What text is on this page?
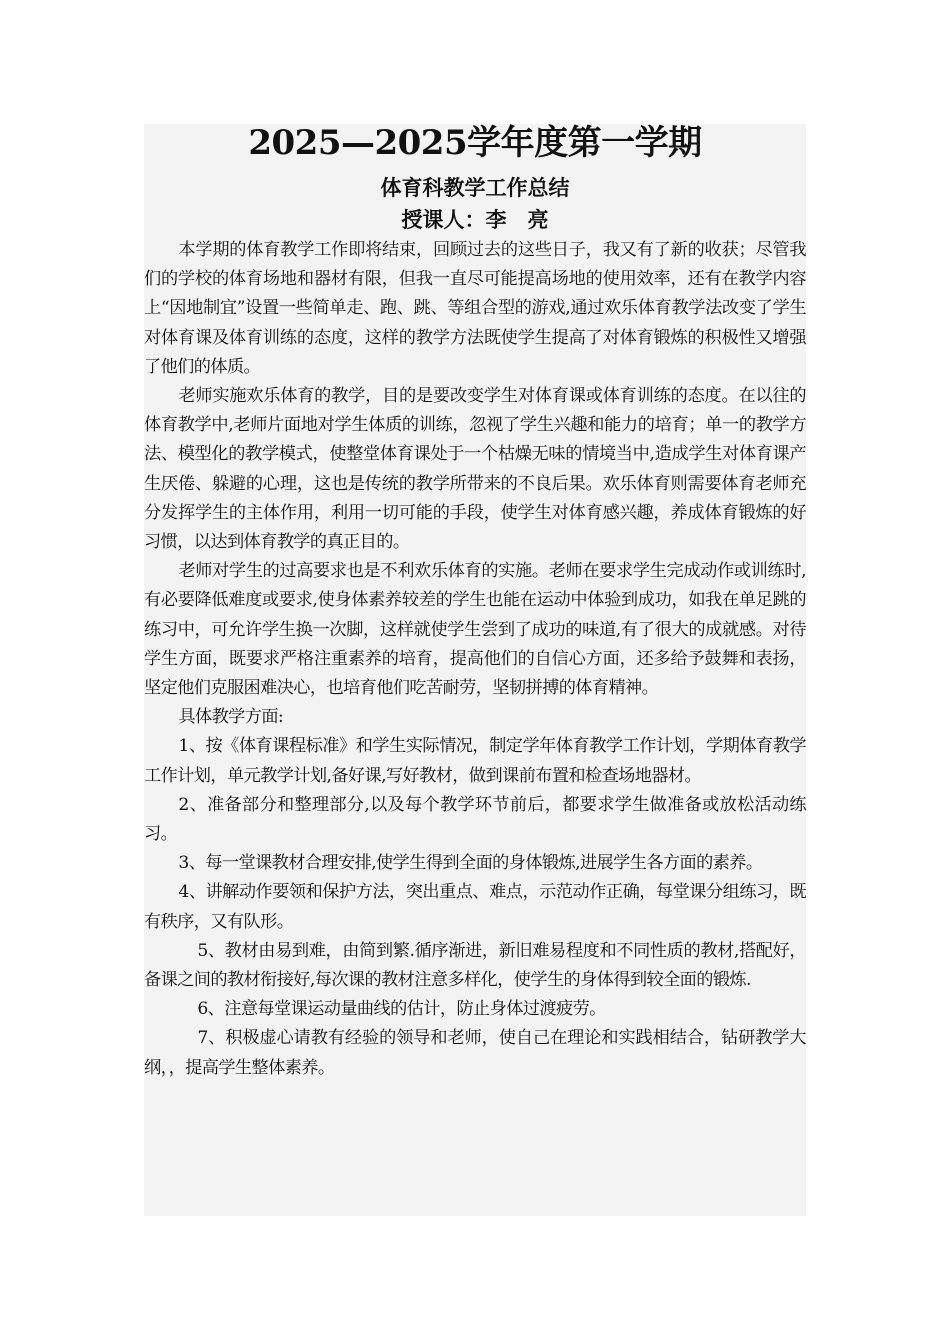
2025—2025学年度第一学期
体育科教学工作总结
授课人：李　亮

本学期的体育教学工作即将结束，回顾过去的这些日子，我又有了新的收获；尽管我们的学校的体育场地和器材有限，但我一直尽可能提高场地的使用效率，还有在教学内容上“因地制宜”设置一些简单走、跑、跳、等组合型的游戏,通过欢乐体育教学法改变了学生对体育课及体育训练的态度，这样的教学方法既使学生提高了对体育锻炼的积极性又增强了他们的体质。

老师实施欢乐体育的教学，目的是要改变学生对体育课或体育训练的态度。在以往的体育教学中,老师片面地对学生体质的训练，忽视了学生兴趣和能力的培育；单一的教学方法、模型化的教学模式，使整堂体育课处于一个枯燥无味的情境当中,造成学生对体育课产生厌倦、躲避的心理，这也是传统的教学所带来的不良后果。欢乐体育则需要体育老师充分发挥学生的主体作用，利用一切可能的手段，使学生对体育感兴趣，养成体育锻炼的好习惯，以达到体育教学的真正目的。

老师对学生的过高要求也是不利欢乐体育的实施。老师在要求学生完成动作或训练时,有必要降低难度或要求,使身体素养较差的学生也能在运动中体验到成功，如我在单足跳的练习中，可允许学生换一次脚，这样就使学生尝到了成功的味道,有了很大的成就感。对待学生方面，既要求严格注重素养的培育，提高他们的自信心方面，还多给予鼓舞和表扬，坚定他们克服困难决心，也培育他们吃苦耐劳，坚韧拼搏的体育精神。

具体教学方面:

1、按《体育课程标准》和学生实际情况，制定学年体育教学工作计划，学期体育教学工作计划，单元教学计划,备好课,写好教材，做到课前布置和检查场地器材。

2、准备部分和整理部分,以及每个教学环节前后，都要求学生做准备或放松活动练习。

3、每一堂课教材合理安排,使学生得到全面的身体锻炼,进展学生各方面的素养。

4、讲解动作要领和保护方法，突出重点、难点，示范动作正确，每堂课分组练习，既有秩序，又有队形。

5、教材由易到难，由简到繁.循序渐进，新旧难易程度和不同性质的教材,搭配好，备课之间的教材衔接好,每次课的教材注意多样化，使学生的身体得到较全面的锻炼.

6、注意每堂课运动量曲线的估计，防止身体过渡疲劳。

7、积极虚心请教有经验的领导和老师，使自己在理论和实践相结合，钻研教学大纲，，提高学生整体素养。
